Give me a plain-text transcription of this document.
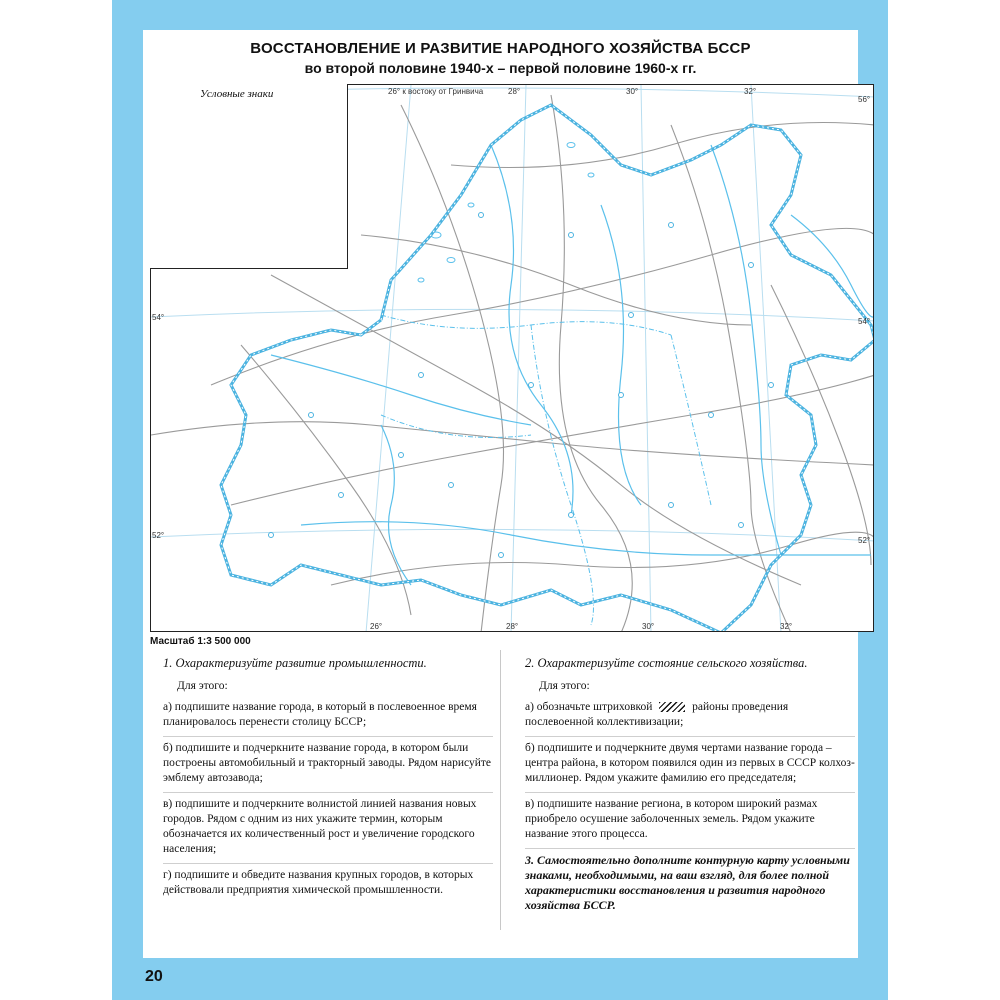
ВОССТАНОВЛЕНИЕ И РАЗВИТИЕ НАРОДНОГО ХОЗЯЙСТВА БССР
во второй половине 1940-х – первой половине 1960-х гг.
Условные знаки	26° к востоку от Гринвича	28°	30°	32°
56°
54°	54°
52°
52°
26°	28°	30°	32°
Масштаб 1:3 500 000
1. Охарактеризуйте развитие промышленности.

Для этого:

а) подпишите название города, в который в послевоенное время планировалось перенести столицу БССР;

б) подпишите и подчеркните название города, в котором были построены автомобильный и тракторный заводы. Рядом нарисуйте эмблему автозавода;

в) подпишите и подчеркните волнистой линией названия новых городов. Рядом с одним из них укажите термин, которым обозначается их количественный рост и увеличение городского населения;

г) подпишите и обведите названия крупных городов, в которых действовали предприятия химической промышленности.

2. Охарактеризуйте состояние сельского хозяйства.

Для этого:

а) обозначьте штриховкой	районы проведения послевоенной коллективизации;

б) подпишите и подчеркните двумя чертами название города – центра района, в котором появился один из первых в СССР колхоз-миллионер. Рядом укажите фамилию его председателя;

в) подпишите название региона, в котором широкий размах приобрело осушение заболоченных земель. Рядом укажите название этого процесса.

3. Самостоятельно дополните контурную карту условными знаками, необходимыми, на ваш взгляд, для более полной характеристики восстановления и развития народного хозяйства БССР.
20
